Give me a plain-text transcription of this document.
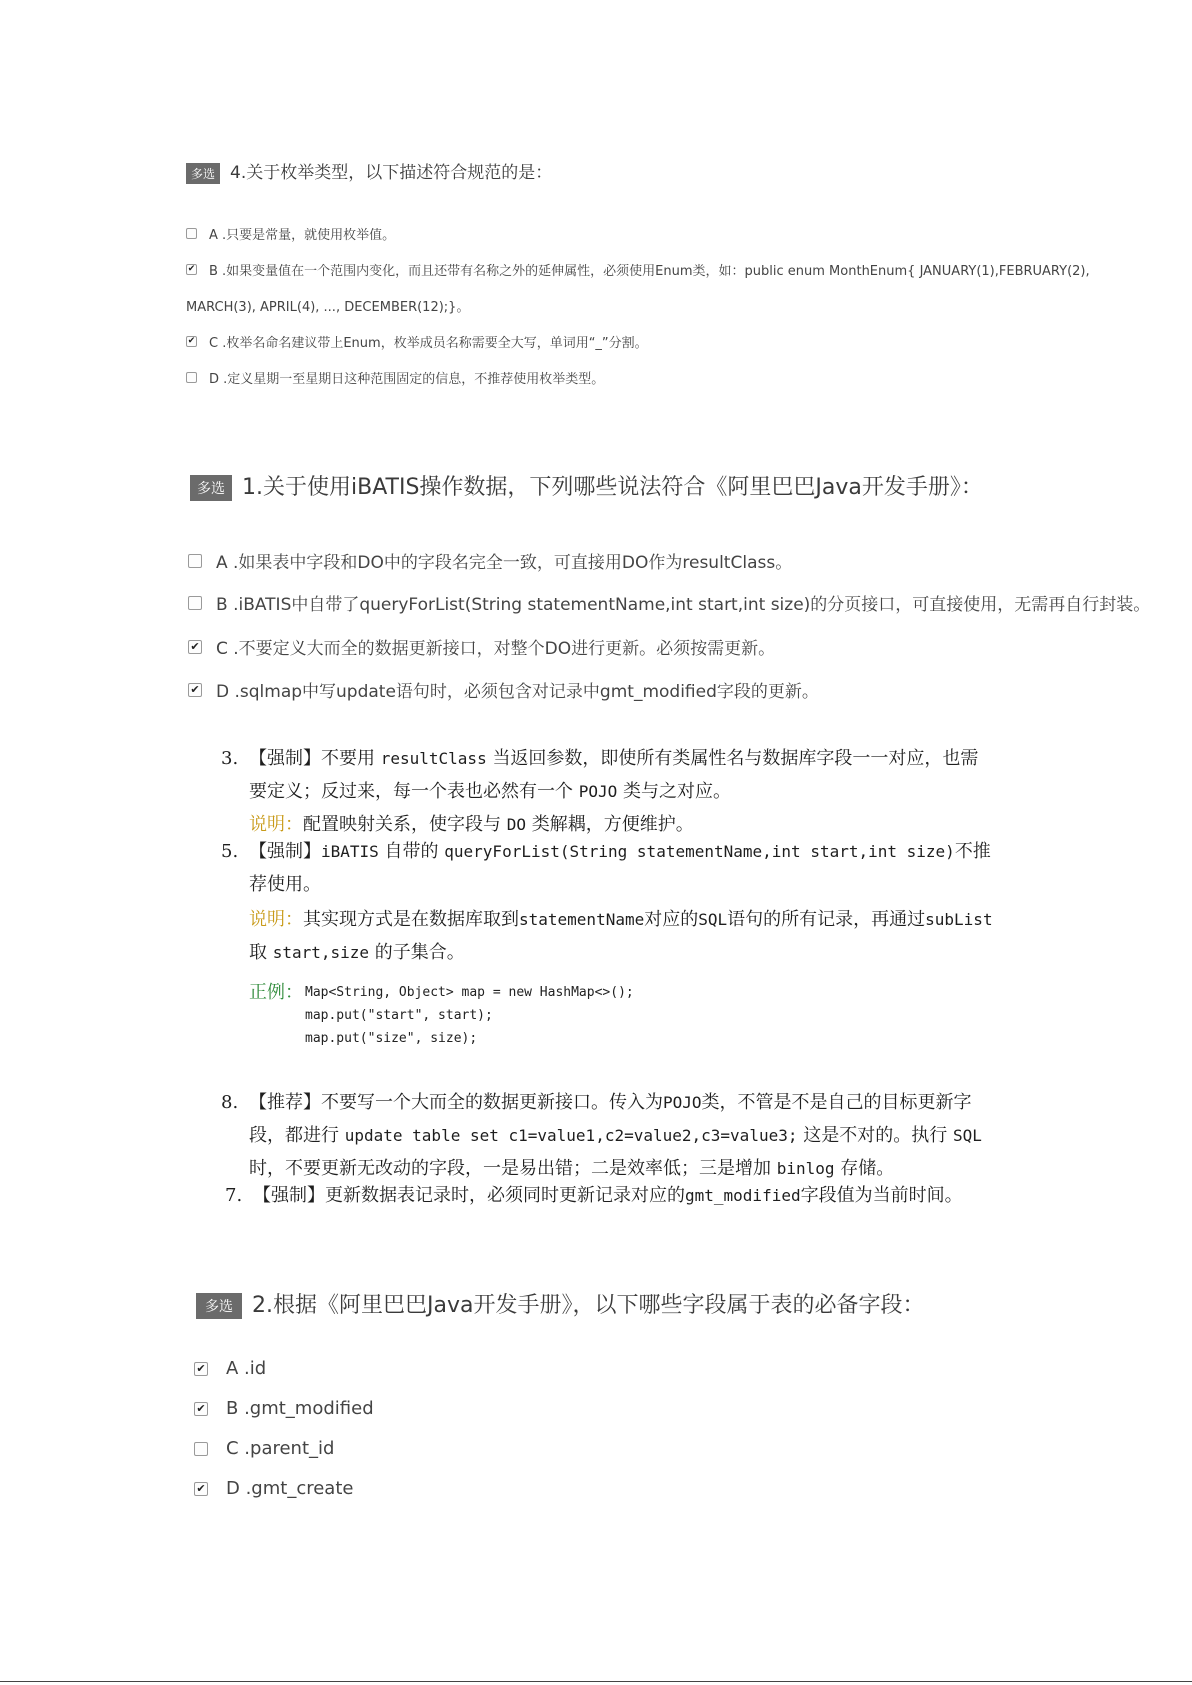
多选 4.关于枚举类型，以下描述符合规范的是：
A .只要是常量，就使用枚举值。
✔ B .如果变量值在一个范围内变化，而且还带有名称之外的延伸属性，必须使用Enum类，如：public enum MonthEnum{ JANUARY(1),FEBRUARY(2),
MARCH(3), APRIL(4), ..., DECEMBER(12);}。
✔ C .枚举名命名建议带上Enum，枚举成员名称需要全大写，单词用“_”分割。
D .定义星期一至星期日这种范围固定的信息，不推荐使用枚举类型。
多选 1.关于使用iBATIS操作数据，下列哪些说法符合《阿里巴巴Java开发手册》：
A .如果表中字段和DO中的字段名完全一致，可直接用DO作为resultClass。
B .iBATIS中自带了queryForList(String statementName,int start,int size)的分页接口，可直接使用，无需再自行封装。
✔ C .不要定义大而全的数据更新接口，对整个DO进行更新。必须按需更新。
✔ D .sqlmap中写update语句时，必须包含对记录中gmt_modified字段的更新。
3. 【强制】不要用 resultClass 当返回参数，即使所有类属性名与数据库字段一一对应，也需
要定义；反过来，每一个表也必然有一个 POJO 类与之对应。
说明：配置映射关系，使字段与 DO 类解耦，方便维护。
5. 【强制】iBATIS 自带的 queryForList(String statementName,int start,int size)不推
荐使用。
说明：其实现方式是在数据库取到statementName对应的SQL语句的所有记录，再通过subList
取 start,size 的子集合。
正例： Map<String, Object> map = new HashMap<>();
map.put("start", start);
map.put("size", size);
8. 【推荐】不要写一个大而全的数据更新接口。传入为POJO类，不管是不是自己的目标更新字
段，都进行 update table set c1=value1,c2=value2,c3=value3; 这是不对的。执行 SQL
时，不要更新无改动的字段，一是易出错；二是效率低；三是增加 binlog 存储。
7. 【强制】更新数据表记录时，必须同时更新记录对应的gmt_modified字段值为当前时间。
多选 2.根据《阿里巴巴Java开发手册》，以下哪些字段属于表的必备字段：
✔ A .id
✔ B .gmt_modified
C .parent_id
✔ D .gmt_create
